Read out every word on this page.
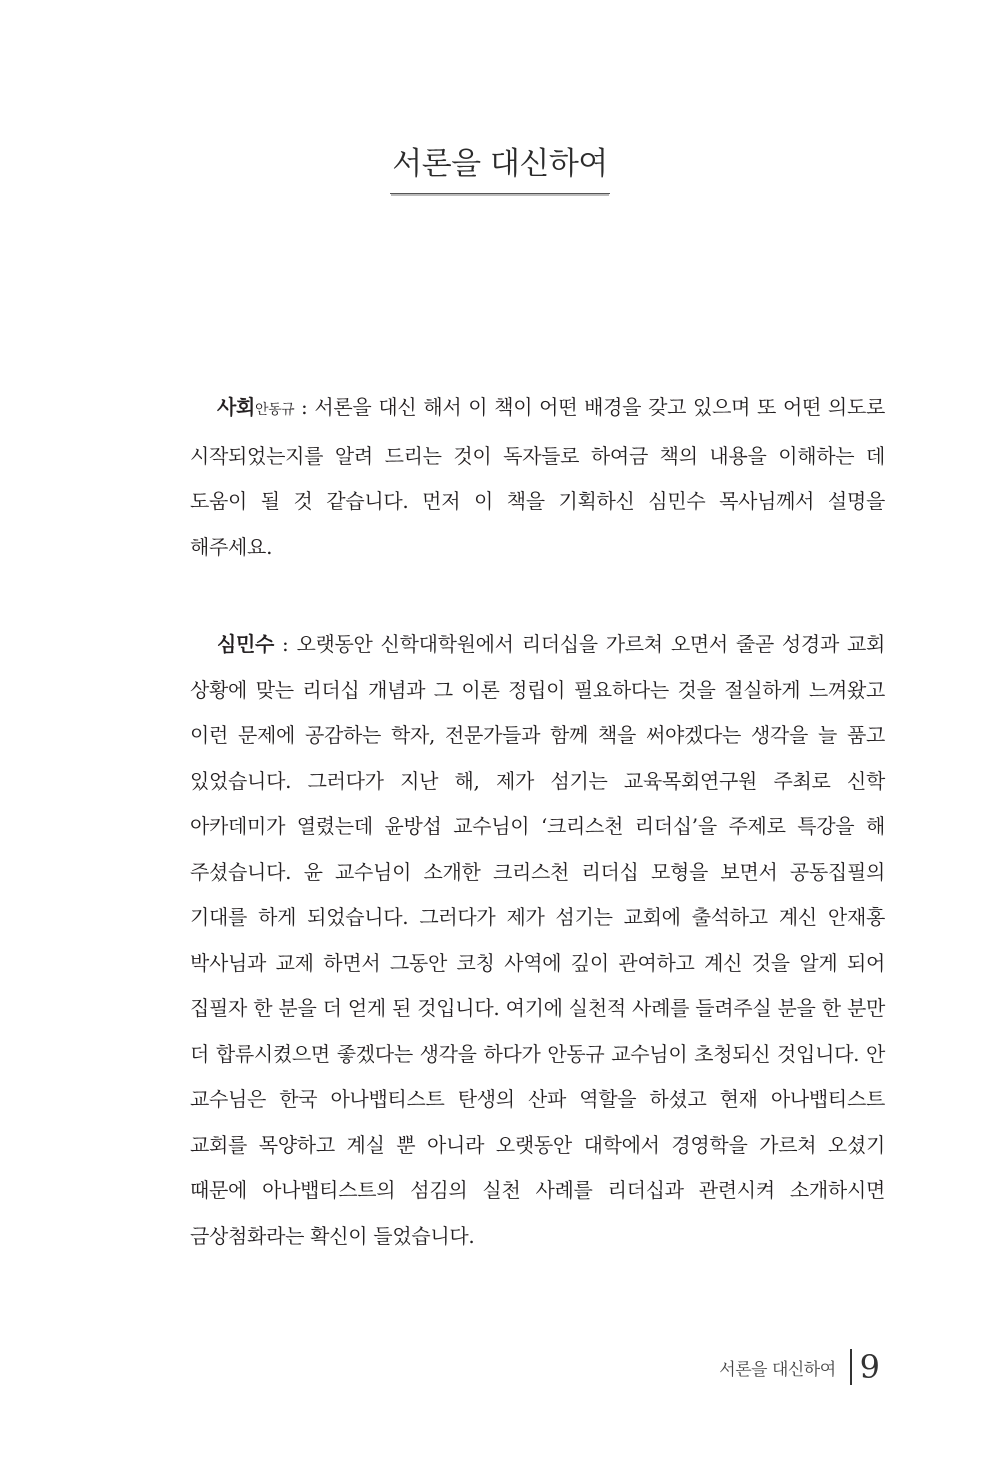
서론을 대신하여

사회안동규 : 서론을 대신 해서 이 책이 어떤 배경을 갖고 있으며 또 어떤 의도로 시작되었는지를 알려 드리는 것이 독자들로 하여금 책의 내용을 이해하는 데 도움이 될 것 같습니다. 먼저 이 책을 기획하신 심민수 목사님께서 설명을 해주세요.

심민수 : 오랫동안 신학대학원에서 리더십을 가르쳐 오면서 줄곧 성경과 교회 상황에 맞는 리더십 개념과 그 이론 정립이 필요하다는 것을 절실하게 느껴왔고 이런 문제에 공감하는 학자, 전문가들과 함께 책을 써야겠다는 생각을 늘 품고 있었습니다. 그러다가 지난 해, 제가 섬기는 교육목회연구원 주최로 신학 아카데미가 열렸는데 윤방섭 교수님이 ‘크리스천 리더십’을 주제로 특강을 해 주셨습니다. 윤 교수님이 소개한 크리스천 리더십 모형을 보면서 공동집필의 기대를 하게 되었습니다. 그러다가 제가 섬기는 교회에 출석하고 계신 안재홍 박사님과 교제 하면서 그동안 코칭 사역에 깊이 관여하고 계신 것을 알게 되어 집필자 한 분을 더 얻게 된 것입니다. 여기에 실천적 사례를 들려주실 분을 한 분만 더 합류시켰으면 좋겠다는 생각을 하다가 안동규 교수님이 초청되신 것입니다. 안 교수님은 한국 아나뱁티스트 탄생의 산파 역할을 하셨고 현재 아나뱁티스트 교회를 목양하고 계실 뿐 아니라 오랫동안 대학에서 경영학을 가르쳐 오셨기 때문에 아나뱁티스트의 섬김의 실천 사례를 리더십과 관련시켜 소개하시면 금상첨화라는 확신이 들었습니다.

서론을 대신하여 9
